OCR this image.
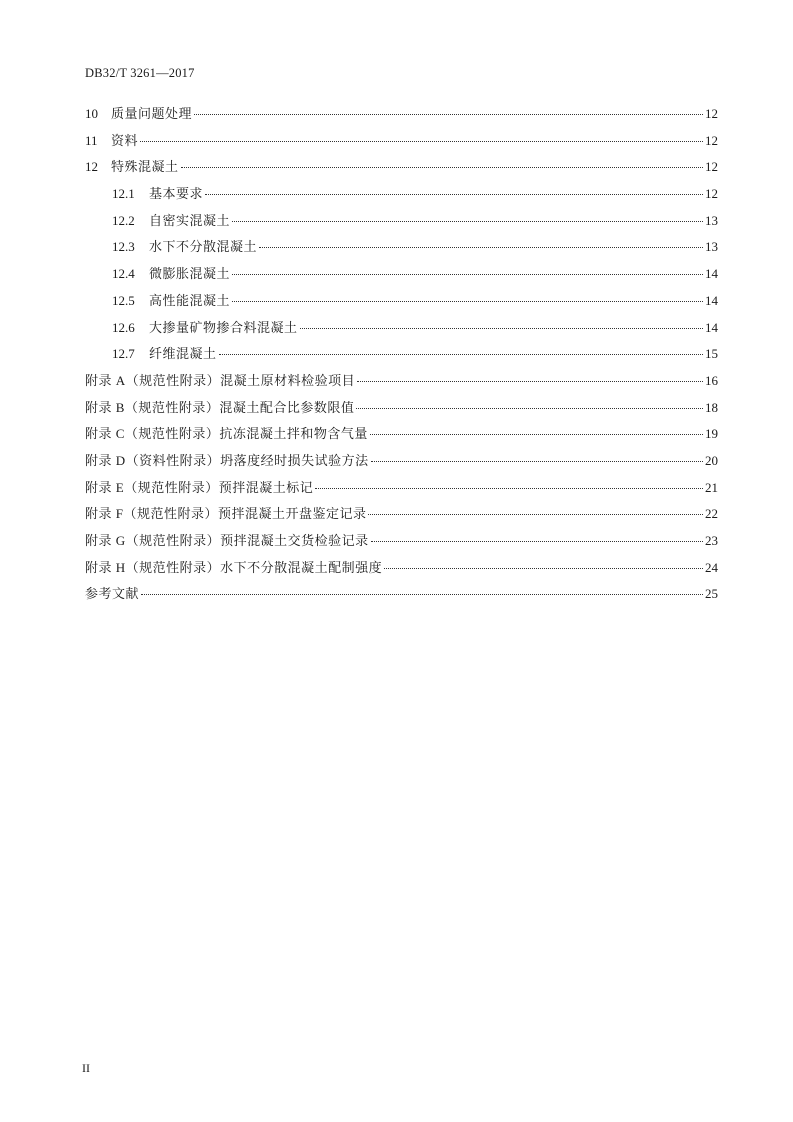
DB32/T 3261—2017
10	质量问题处理	12
11	资料	12
12	特殊混凝土	12
12.1	基本要求	12
12.2	自密实混凝土	13
12.3	水下不分散混凝土	13
12.4	微膨胀混凝土	14
12.5	高性能混凝土	14
12.6	大掺量矿物掺合料混凝土	14
12.7	纤维混凝土	15
附录 A（规范性附录）混凝土原材料检验项目	16
附录 B（规范性附录）混凝土配合比参数限值	18
附录 C（规范性附录）抗冻混凝土拌和物含气量	19
附录 D（资料性附录）坍落度经时损失试验方法	20
附录 E（规范性附录）预拌混凝土标记	21
附录 F（规范性附录）预拌混凝土开盘鉴定记录	22
附录 G（规范性附录）预拌混凝土交货检验记录	23
附录 H（规范性附录）水下不分散混凝土配制强度	24
参考文献	25
II
